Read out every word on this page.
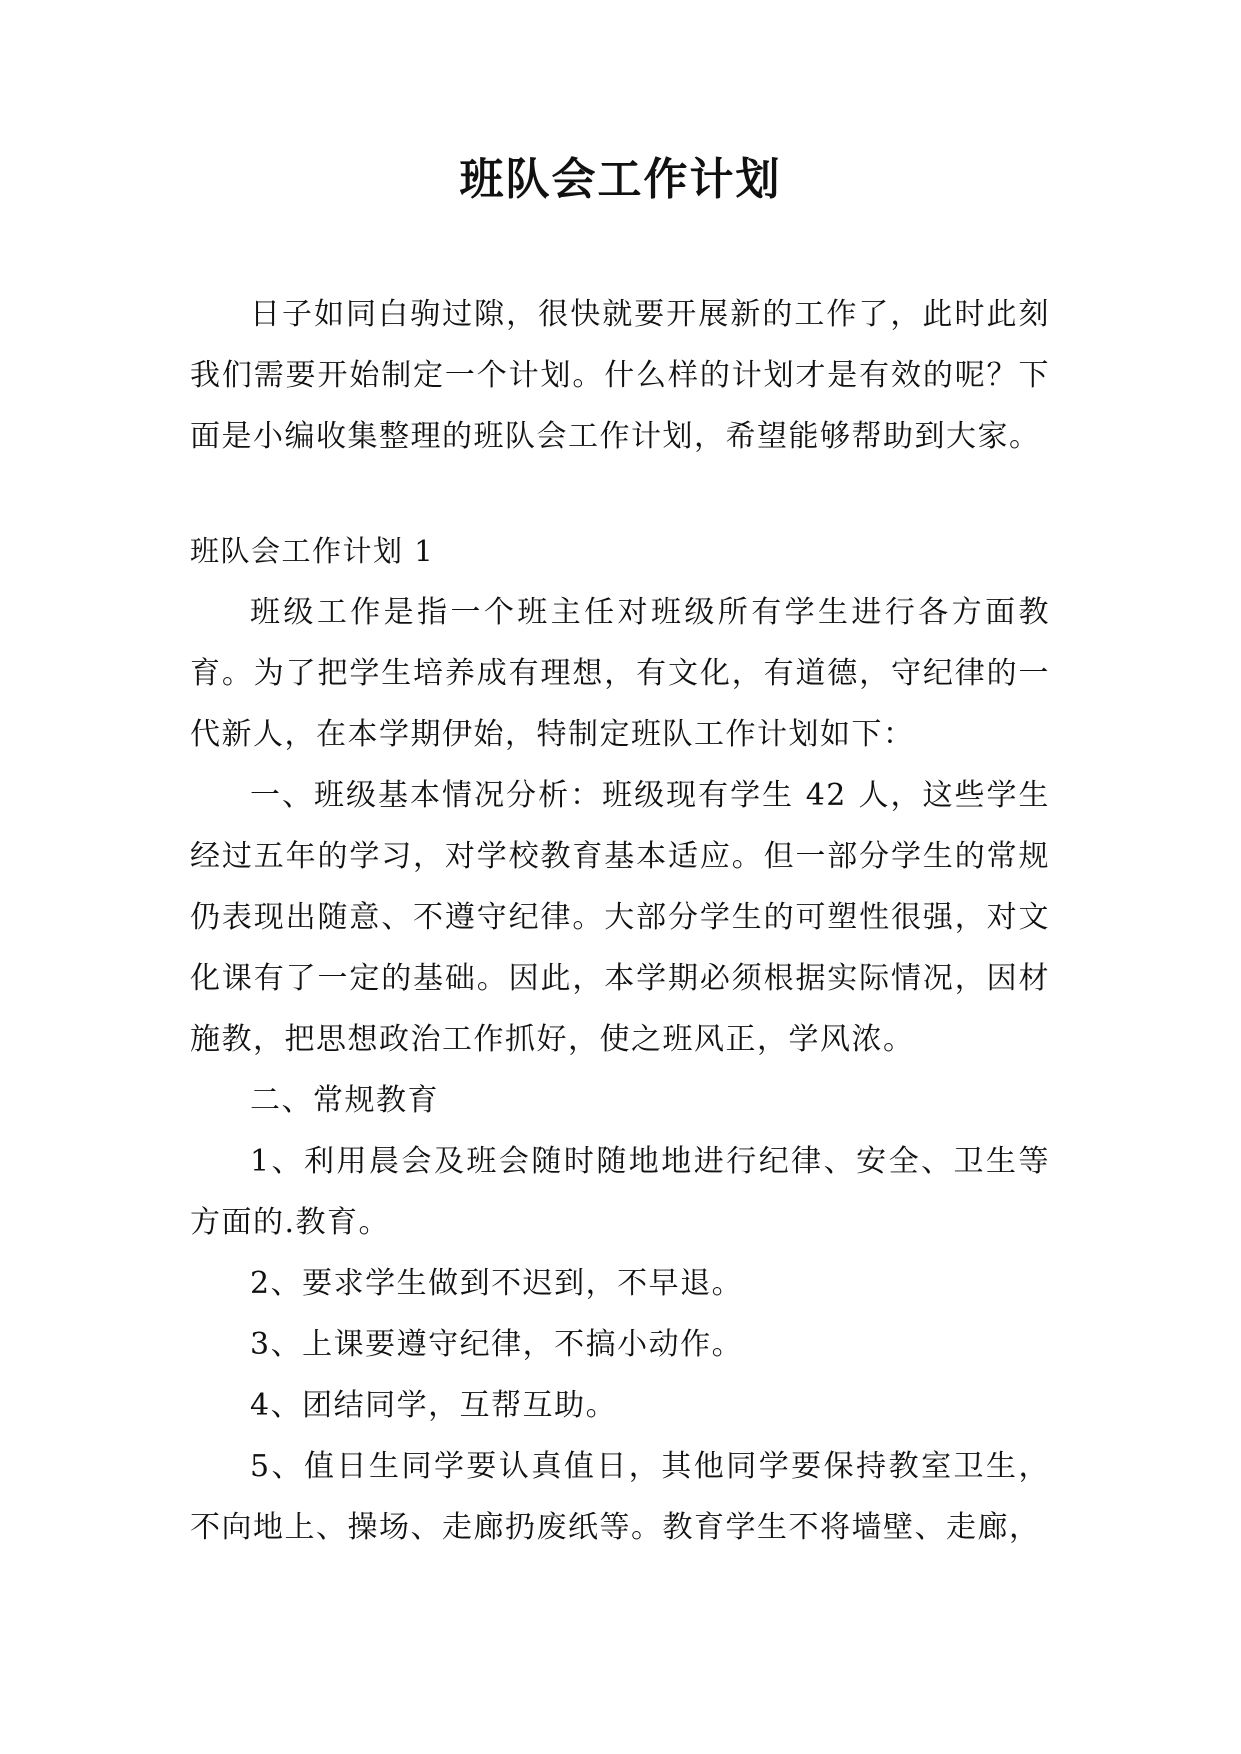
班队会工作计划

日子如同白驹过隙，很快就要开展新的工作了，此时此刻我们需要开始制定一个计划。什么样的计划才是有效的呢？下面是小编收集整理的班队会工作计划，希望能够帮助到大家。

班队会工作计划 1

班级工作是指一个班主任对班级所有学生进行各方面教育。为了把学生培养成有理想，有文化，有道德，守纪律的一代新人，在本学期伊始，特制定班队工作计划如下：

一、班级基本情况分析：班级现有学生 42 人，这些学生经过五年的学习，对学校教育基本适应。但一部分学生的常规仍表现出随意、不遵守纪律。大部分学生的可塑性很强，对文化课有了一定的基础。因此，本学期必须根据实际情况，因材施教，把思想政治工作抓好，使之班风正，学风浓。

二、常规教育

1、利用晨会及班会随时随地地进行纪律、安全、卫生等方面的.教育。

2、要求学生做到不迟到，不早退。

3、上课要遵守纪律，不搞小动作。

4、团结同学，互帮互助。

5、值日生同学要认真值日，其他同学要保持教室卫生，不向地上、操场、走廊扔废纸等。教育学生不将墙壁、走廊，
